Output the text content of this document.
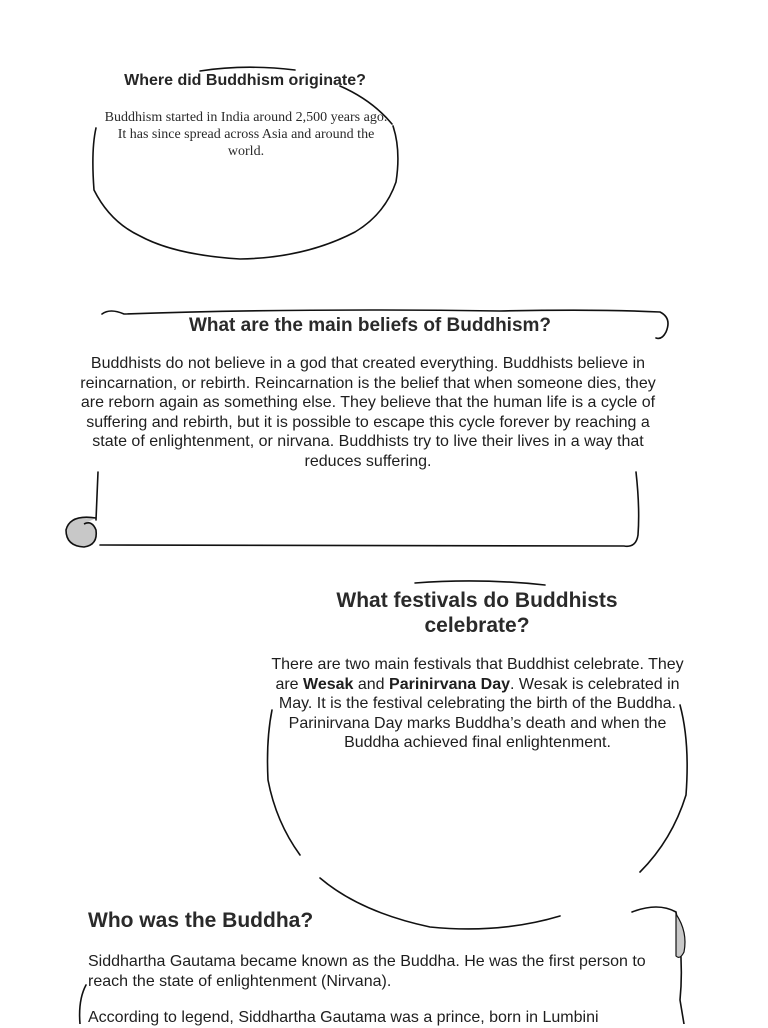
Where did Buddhism originate?
Buddhism started in India around 2,500 years ago. It has since spread across Asia and around the world.
What are the main beliefs of Buddhism?
Buddhists do not believe in a god that created everything. Buddhists believe in reincarnation, or rebirth. Reincarnation is the belief that when someone dies, they are reborn again as something else. They believe that the human life is a cycle of suffering and rebirth, but it is possible to escape this cycle forever by reaching a state of enlightenment, or nirvana. Buddhists try to live their lives in a way that reduces suffering.
What festivals do Buddhists celebrate?
There are two main festivals that Buddhist celebrate. They are Wesak and Parinirvana Day. Wesak is celebrated in May. It is the festival celebrating the birth of the Buddha. Parinirvana Day marks Buddha’s death and when the Buddha achieved final enlightenment.
Who was the Buddha?
Siddhartha Gautama became known as the Buddha. He was the first person to reach the state of enlightenment (Nirvana).
According to legend, Siddhartha Gautama was a prince, born in Lumbini
